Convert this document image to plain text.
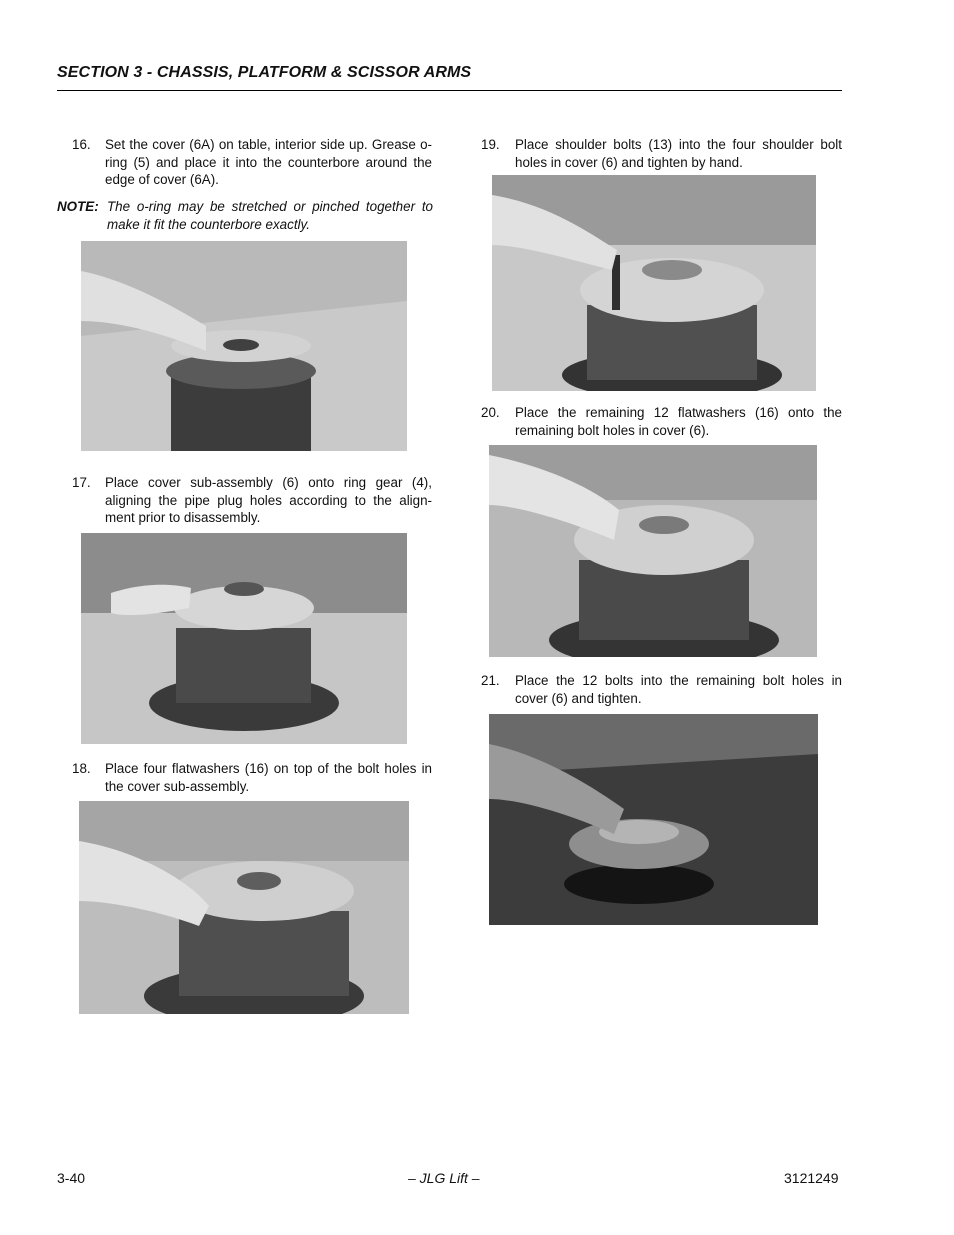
SECTION 3 - CHASSIS, PLATFORM & SCISSOR ARMS
16.	Set the cover (6A) on table, interior side up. Grease o-ring (5) and place it into the counterbore around the edge of cover (6A).
NOTE: The o-ring may be stretched or pinched together to make it fit the counterbore exactly.
17.	Place cover sub-assembly (6) onto ring gear (4), aligning the pipe plug holes according to the align-ment prior to disassembly.
18.	Place four flatwashers (16) on top of the bolt holes in the cover sub-assembly.
19.	Place shoulder bolts (13) into the four shoulder bolt holes in cover (6) and tighten by hand.
20.	Place the remaining 12 flatwashers (16) onto the remaining bolt holes in cover (6).
21.	Place the 12 bolts into the remaining bolt holes in cover (6) and tighten.
3-40	– JLG Lift –	3121249
